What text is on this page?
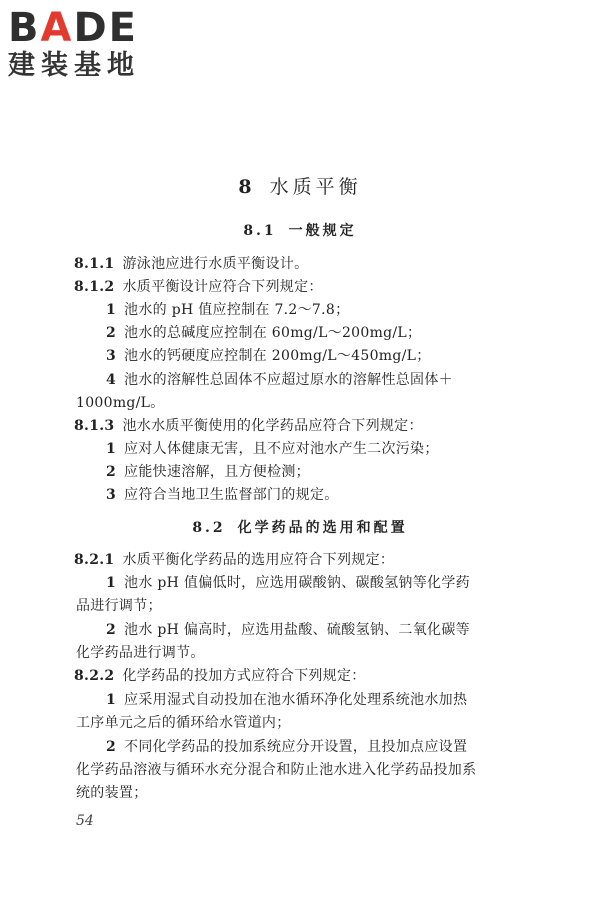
BADE
建装基地
8 水质平衡
8.1 一般规定
8.1.1 游泳池应进行水质平衡设计。
8.1.2 水质平衡设计应符合下列规定：
1 池水的 pH 值应控制在 7.2～7.8；
2 池水的总碱度应控制在 60mg/L～200mg/L；
3 池水的钙硬度应控制在 200mg/L～450mg/L；
4 池水的溶解性总固体不应超过原水的溶解性总固体＋
1000mg/L。
8.1.3 池水水质平衡使用的化学药品应符合下列规定：
1 应对人体健康无害，且不应对池水产生二次污染；
2 应能快速溶解，且方便检测；
3 应符合当地卫生监督部门的规定。
8.2 化学药品的选用和配置
8.2.1 水质平衡化学药品的选用应符合下列规定：
1 池水 pH 值偏低时，应选用碳酸钠、碳酸氢钠等化学药
品进行调节；
2 池水 pH 偏高时，应选用盐酸、硫酸氢钠、二氧化碳等
化学药品进行调节。
8.2.2 化学药品的投加方式应符合下列规定：
1 应采用湿式自动投加在池水循环净化处理系统池水加热
工序单元之后的循环给水管道内；
2 不同化学药品的投加系统应分开设置，且投加点应设置
化学药品溶液与循环水充分混合和防止池水进入化学药品投加系
统的装置；
54
